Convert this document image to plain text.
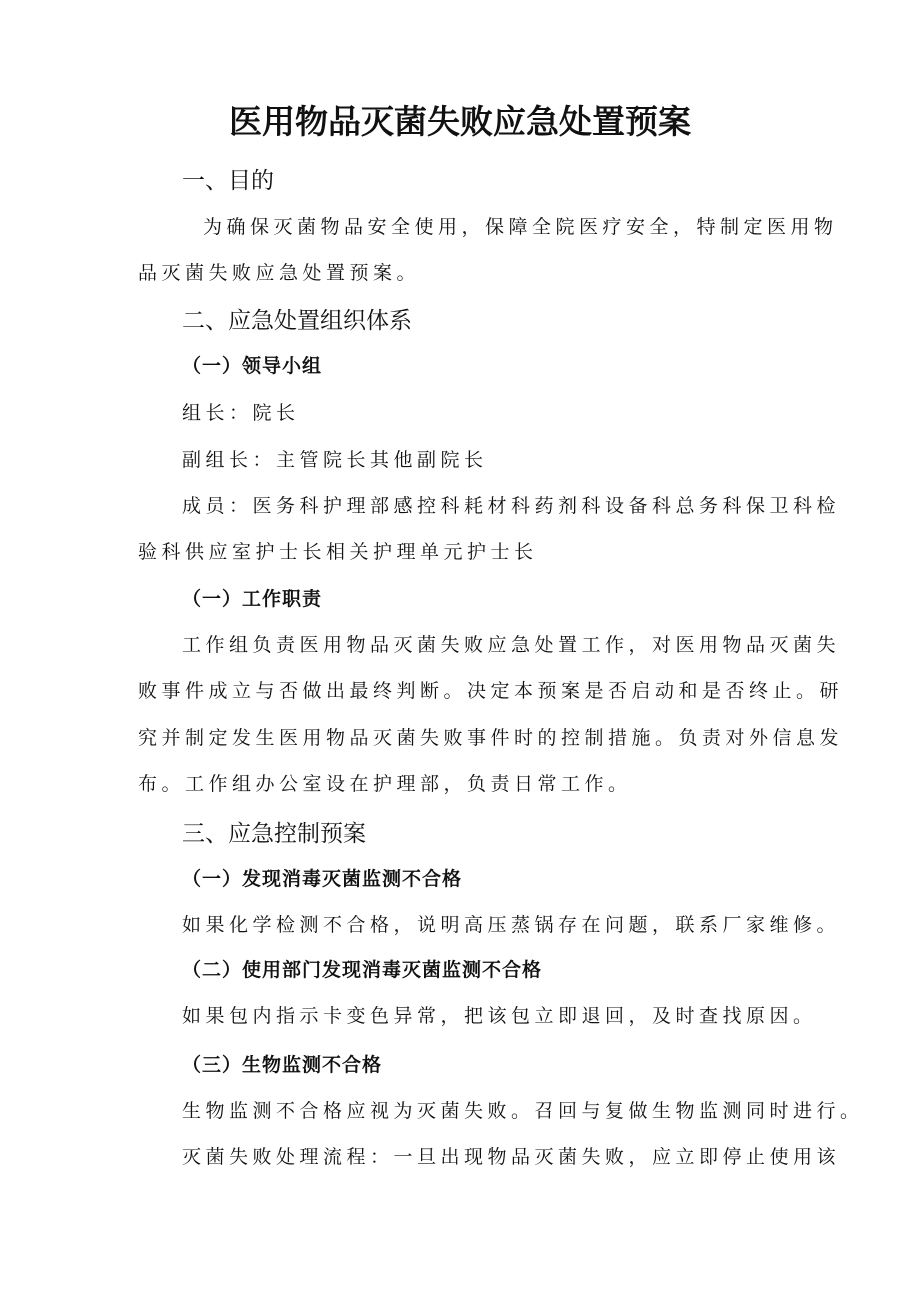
医用物品灭菌失败应急处置预案
一、目的
为确保灭菌物品安全使用，保障全院医疗安全，特制定医用物
品灭菌失败应急处置预案。
二、应急处置组织体系
（一）领导小组
组长：院长
副组长：主管院长其他副院长
成员：医务科护理部感控科耗材科药剂科设备科总务科保卫科检
验科供应室护士长相关护理单元护士长
（一）工作职责
工作组负责医用物品灭菌失败应急处置工作，对医用物品灭菌失
败事件成立与否做出最终判断。决定本预案是否启动和是否终止。研
究并制定发生医用物品灭菌失败事件时的控制措施。负责对外信息发
布。工作组办公室设在护理部，负责日常工作。
三、应急控制预案
（一）发现消毒灭菌监测不合格
如果化学检测不合格，说明高压蒸锅存在问题，联系厂家维修。
（二）使用部门发现消毒灭菌监测不合格
如果包内指示卡变色异常，把该包立即退回，及时查找原因。
（三）生物监测不合格
生物监测不合格应视为灭菌失败。召回与复做生物监测同时进行。
灭菌失败处理流程：一旦出现物品灭菌失败，应立即停止使用该
